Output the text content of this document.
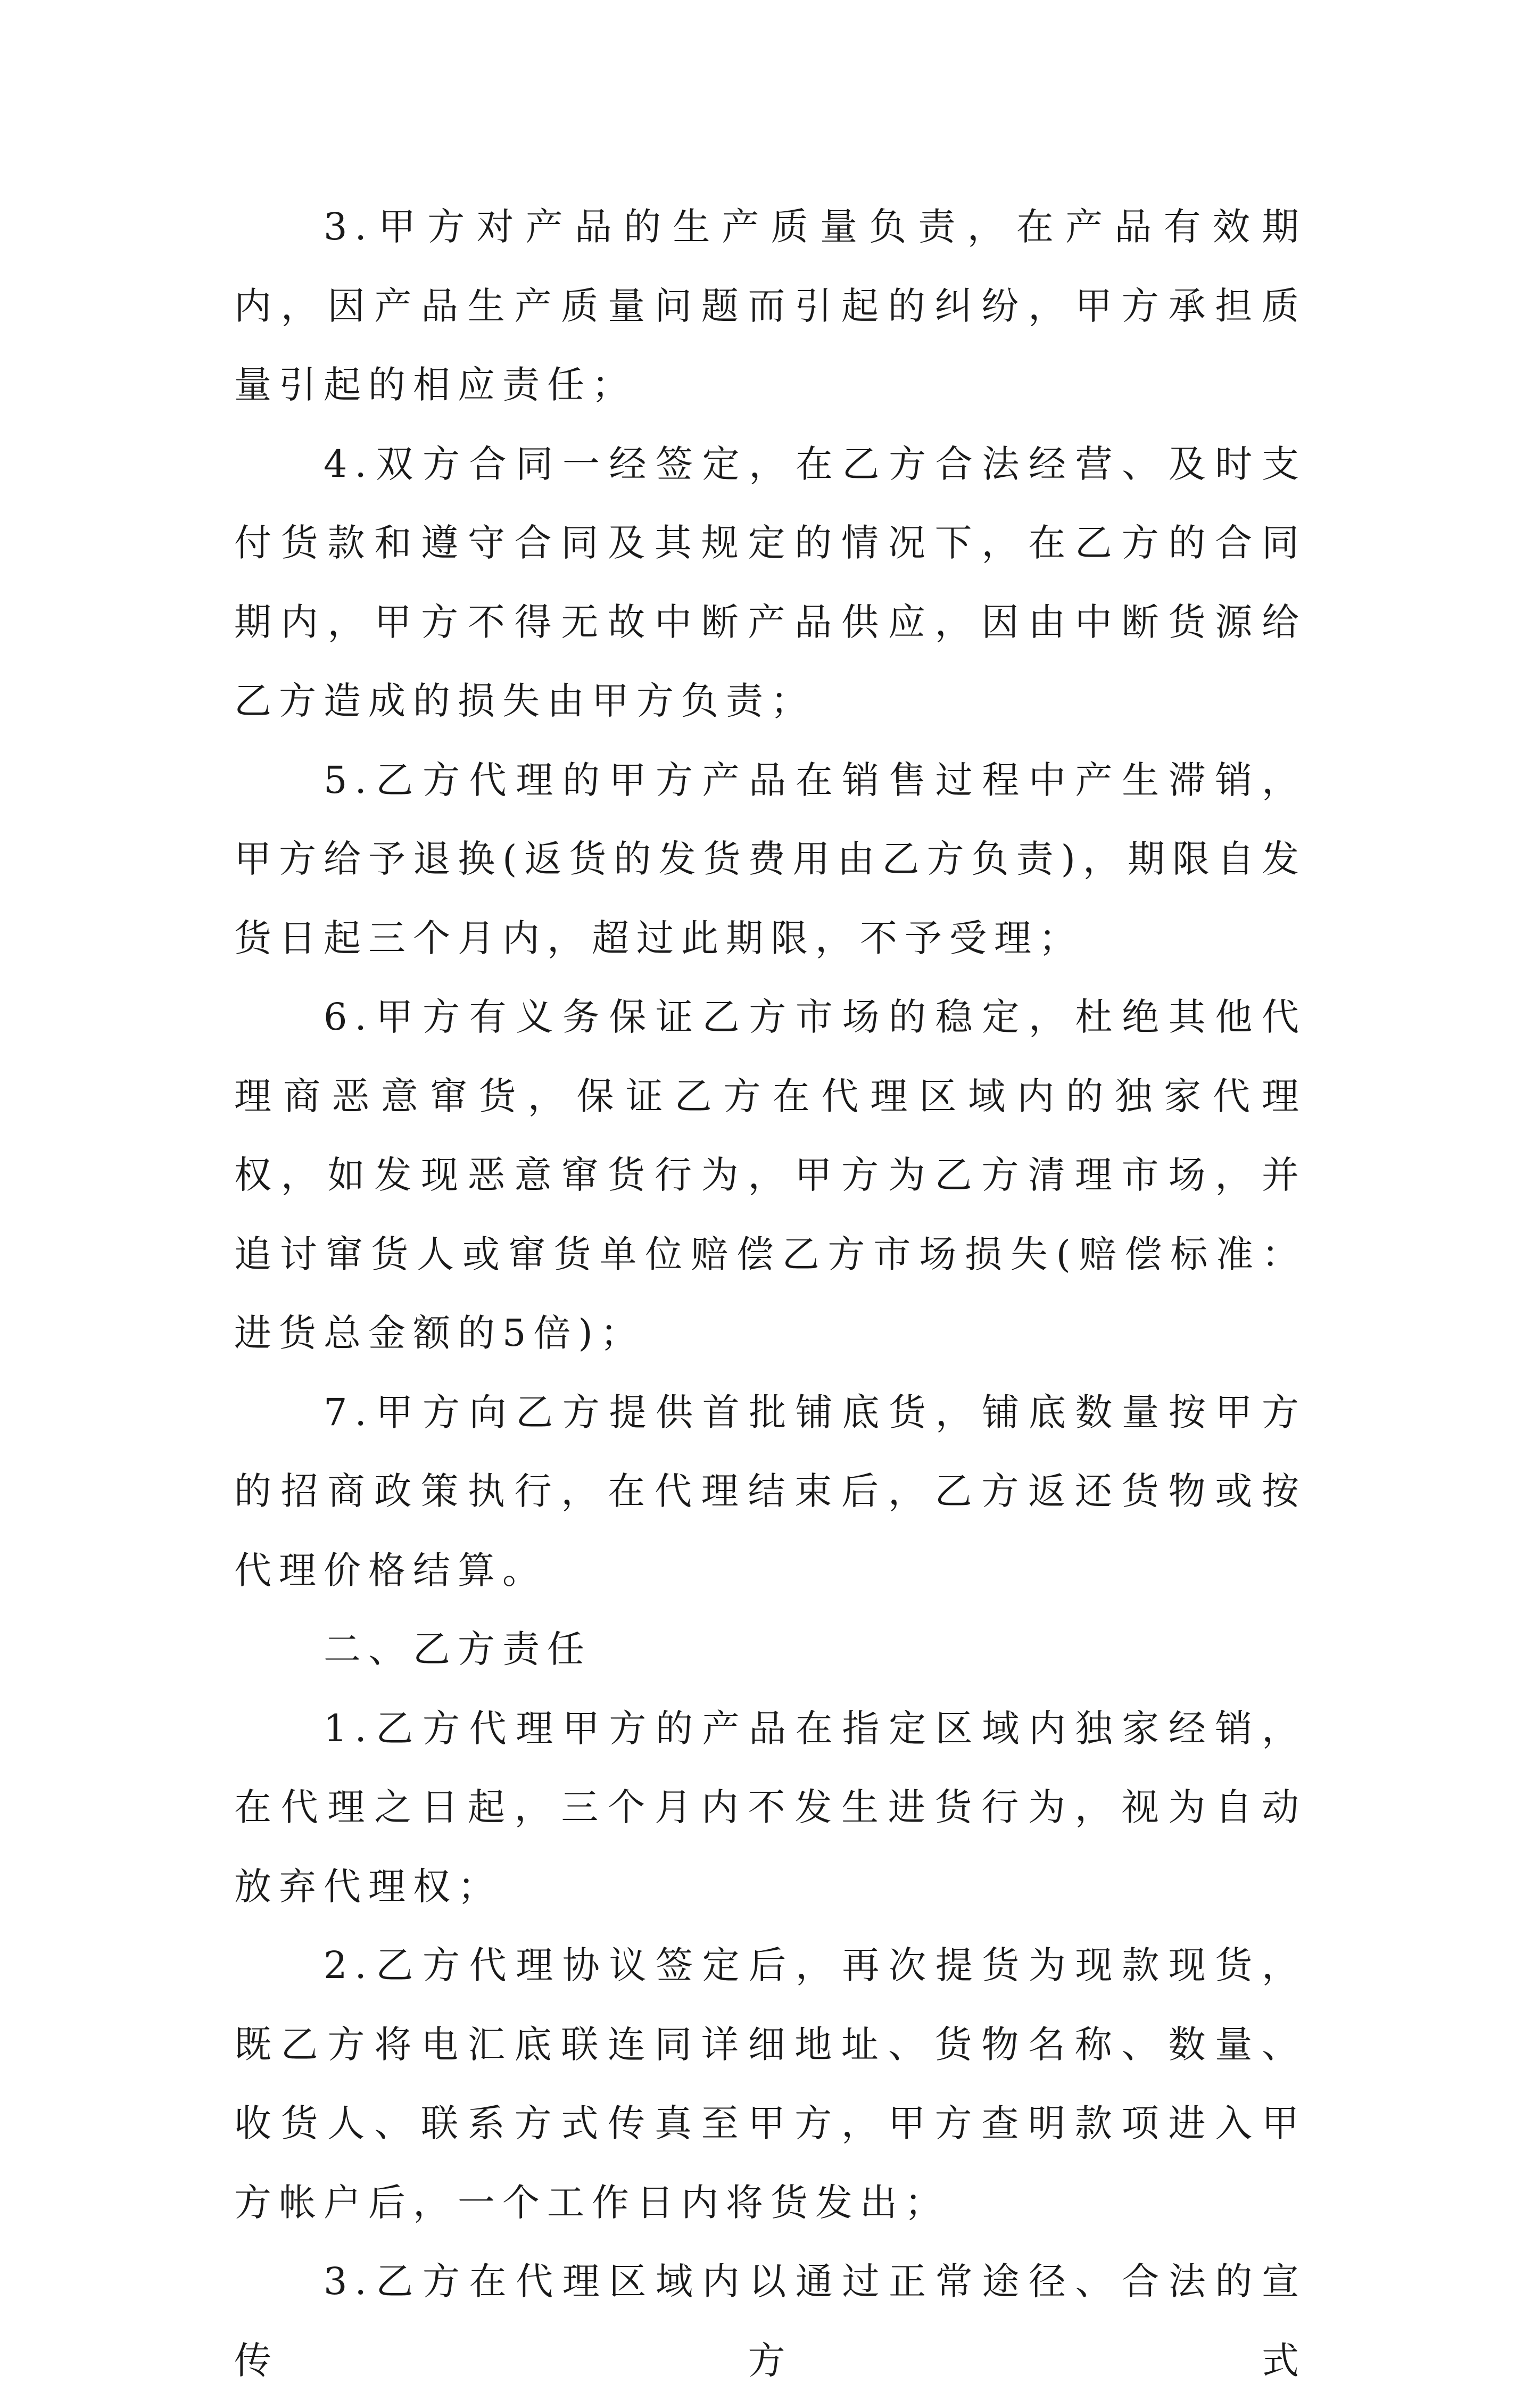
3.甲方对产品的生产质量负责，在产品有效期内，因产品生产质量问题而引起的纠纷，甲方承担质量引起的相应责任；

4.双方合同一经签定，在乙方合法经营、及时支付货款和遵守合同及其规定的情况下，在乙方的合同期内，甲方不得无故中断产品供应，因由中断货源给乙方造成的损失由甲方负责；

5.乙方代理的甲方产品在销售过程中产生滞销，甲方给予退换(返货的发货费用由乙方负责)，期限自发货日起三个月内，超过此期限，不予受理；

6.甲方有义务保证乙方市场的稳定，杜绝其他代理商恶意窜货，保证乙方在代理区域内的独家代理权，如发现恶意窜货行为，甲方为乙方清理市场，并追讨窜货人或窜货单位赔偿乙方市场损失(赔偿标准：进货总金额的5倍)；

7.甲方向乙方提供首批铺底货，铺底数量按甲方的招商政策执行，在代理结束后，乙方返还货物或按代理价格结算。

二、乙方责任

1.乙方代理甲方的产品在指定区域内独家经销，在代理之日起，三个月内不发生进货行为，视为自动放弃代理权；

2.乙方代理协议签定后，再次提货为现款现货，既乙方将电汇底联连同详细地址、货物名称、数量、收货人、联系方式传真至甲方，甲方查明款项进入甲方帐户后，一个工作日内将货发出；

3.乙方在代理区域内以通过正常途径、合法的宣传方式
